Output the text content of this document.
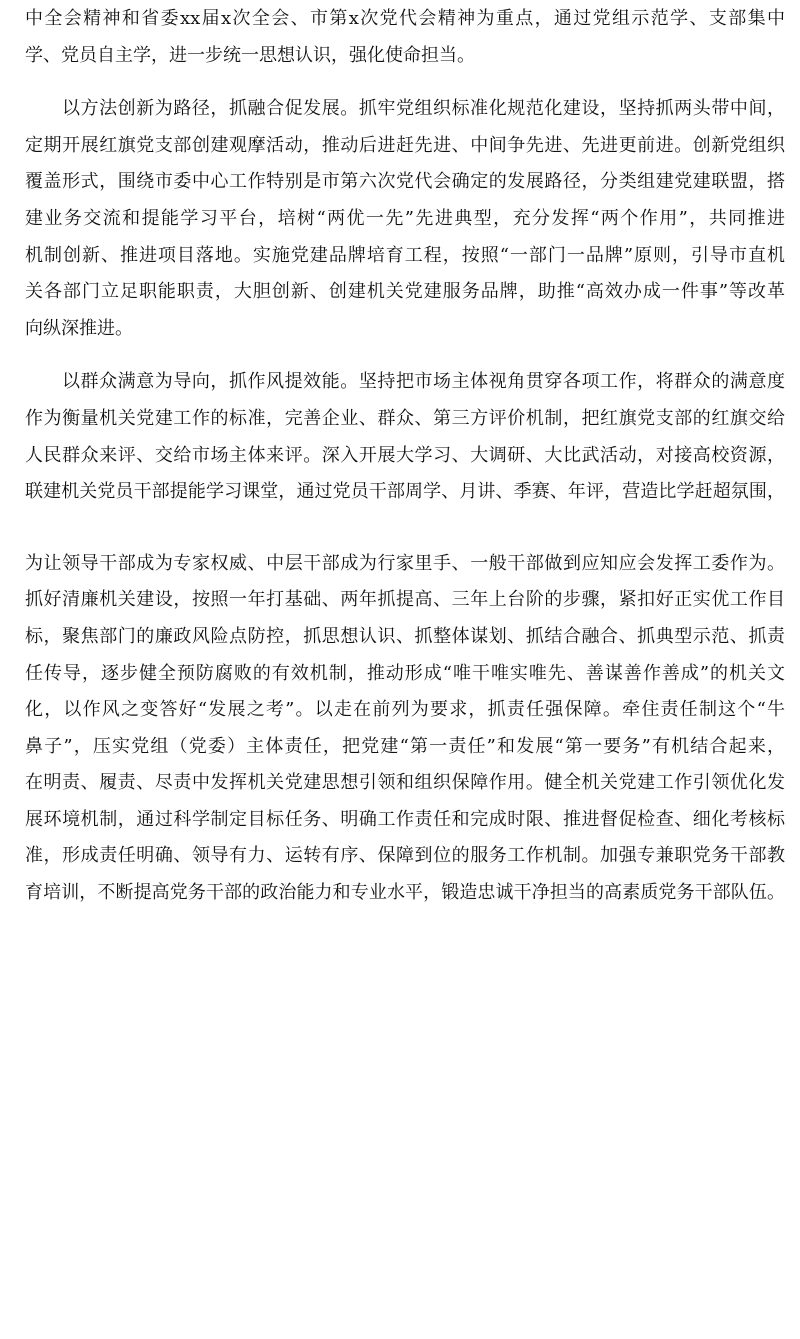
中全会精神和省委xx届x次全会、市第x次党代会精神为重点，通过党组示范学、支部集中
学、党员自主学，进一步统一思想认识，强化使命担当。
以方法创新为路径，抓融合促发展。抓牢党组织标准化规范化建设，坚持抓两头带中间，
定期开展红旗党支部创建观摩活动，推动后进赶先进、中间争先进、先进更前进。创新党组织
覆盖形式，围绕市委中心工作特别是市第六次党代会确定的发展路径，分类组建党建联盟，搭
建业务交流和提能学习平台，培树“两优一先”先进典型，充分发挥“两个作用”，共同推进
机制创新、推进项目落地。实施党建品牌培育工程，按照“一部门一品牌”原则，引导市直机
关各部门立足职能职责，大胆创新、创建机关党建服务品牌，助推“高效办成一件事”等改革
向纵深推进。
以群众满意为导向，抓作风提效能。坚持把市场主体视角贯穿各项工作，将群众的满意度
作为衡量机关党建工作的标准，完善企业、群众、第三方评价机制，把红旗党支部的红旗交给
人民群众来评、交给市场主体来评。深入开展大学习、大调研、大比武活动，对接高校资源，
联建机关党员干部提能学习课堂，通过党员干部周学、月讲、季赛、年评，营造比学赶超氛围，
为让领导干部成为专家权威、中层干部成为行家里手、一般干部做到应知应会发挥工委作为。
抓好清廉机关建设，按照一年打基础、两年抓提高、三年上台阶的步骤，紧扣好正实优工作目
标，聚焦部门的廉政风险点防控，抓思想认识、抓整体谋划、抓结合融合、抓典型示范、抓责
任传导，逐步健全预防腐败的有效机制，推动形成“唯干唯实唯先、善谋善作善成”的机关文
化，以作风之变答好“发展之考”。以走在前列为要求，抓责任强保障。牵住责任制这个“牛
鼻子”，压实党组（党委）主体责任，把党建“第一责任”和发展“第一要务”有机结合起来，
在明责、履责、尽责中发挥机关党建思想引领和组织保障作用。健全机关党建工作引领优化发
展环境机制，通过科学制定目标任务、明确工作责任和完成时限、推进督促检查、细化考核标
准，形成责任明确、领导有力、运转有序、保障到位的服务工作机制。加强专兼职党务干部教
育培训，不断提高党务干部的政治能力和专业水平，锻造忠诚干净担当的高素质党务干部队伍。
